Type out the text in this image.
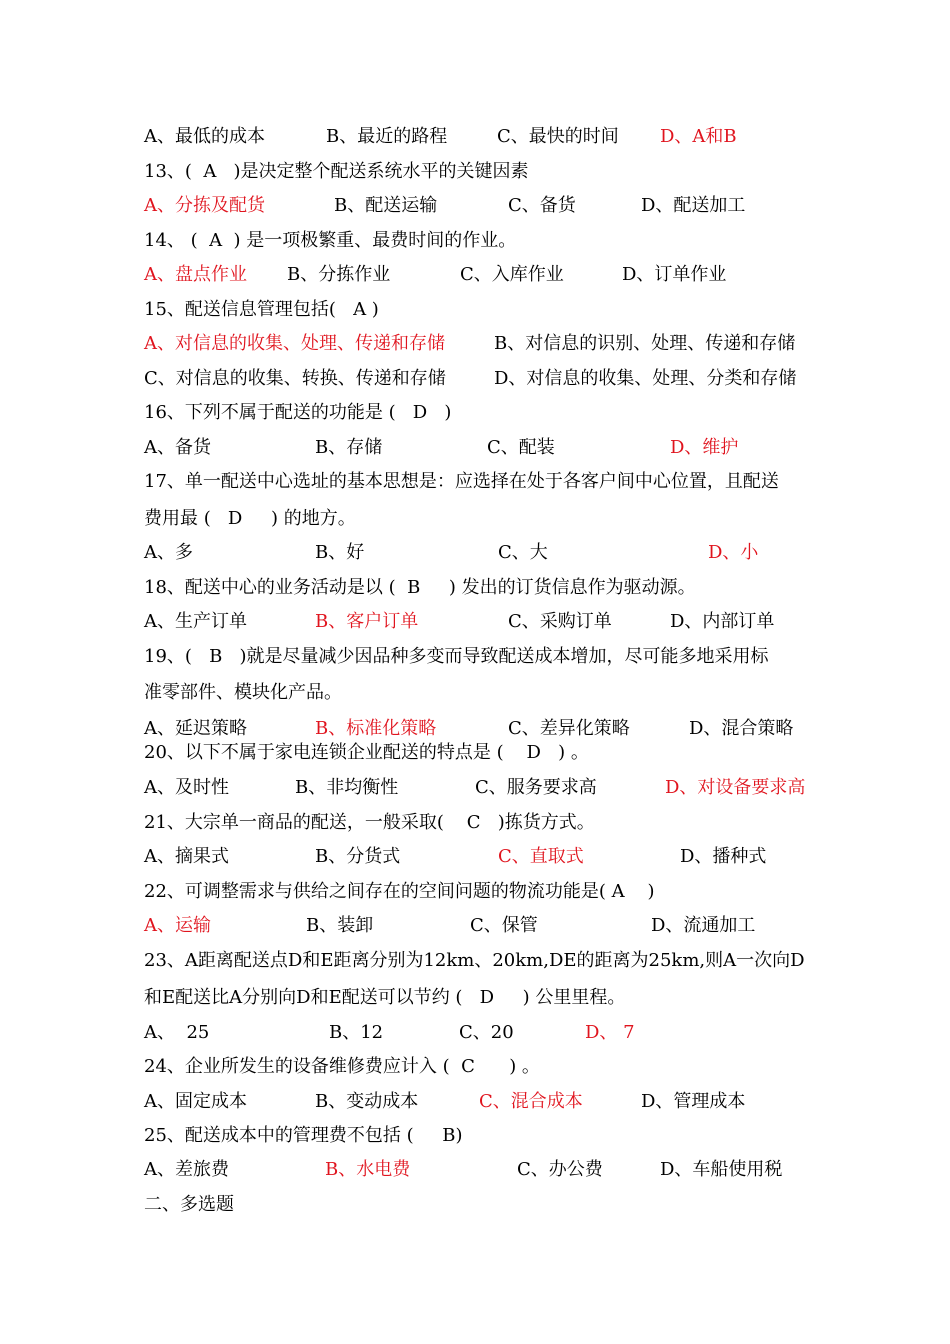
A、最低的成本	B、最近的路程	C、最快的时间 D、A和B
13、(  A   )是决定整个配送系统水平的关键因素
A、分拣及配货	B、配送运输	C、备货	D、配送加工
14、 (  A  ) 是一项极繁重、最费时间的作业。
A、盘点作业 B、分拣作业	C、入库作业	D、订单作业
15、配送信息管理包括(   A )
A、对信息的收集、处理、传递和存储	B、对信息的识别、处理、传递和存储
C、对信息的收集、转换、传递和存储	D、对信息的收集、处理、分类和存储
16、下列不属于配送的功能是 (   D   )
A、备货	B、存储	C、配装	D、维护
17、单一配送中心选址的基本思想是：应选择在处于各客户间中心位置，且配送
费用最 (   D     ) 的地方。
A、多	B、好	C、大	D、小
18、配送中心的业务活动是以 (  B     ) 发出的订货信息作为驱动源。
A、生产订单	B、客户订单	C、采购订单	D、内部订单
19、(   B   )就是尽量减少因品种多变而导致配送成本增加，尽可能多地采用标
准零部件、模块化产品。
A、延迟策略	B、标准化策略	C、差异化策略	D、混合策略
20、以下不属于家电连锁企业配送的特点是 (    D   ) 。
A、及时性	B、非均衡性	C、服务要求高	D、对设备要求高
21、大宗单一商品的配送，一般采取(    C   )拣货方式。
A、摘果式	B、分货式	C、直取式	D、播种式
22、可调整需求与供给之间存在的空间问题的物流功能是( A    )
A、运输	B、装卸	C、保管	D、流通加工
23、A距离配送点D和E距离分别为12km、20km,DE的距离为25km,则A一次向D
和E配送比A分别向D和E配送可以节约 (   D     ) 公里里程。
A、  25	B、12	C、20	D、 7
24、企业所发生的设备维修费应计入 (  C      ) 。
A、固定成本	B、变动成本	C、混合成本	D、管理成本
25、配送成本中的管理费不包括 (     B)
A、差旅费	B、水电费	C、办公费	D、车船使用税
二、多选题
